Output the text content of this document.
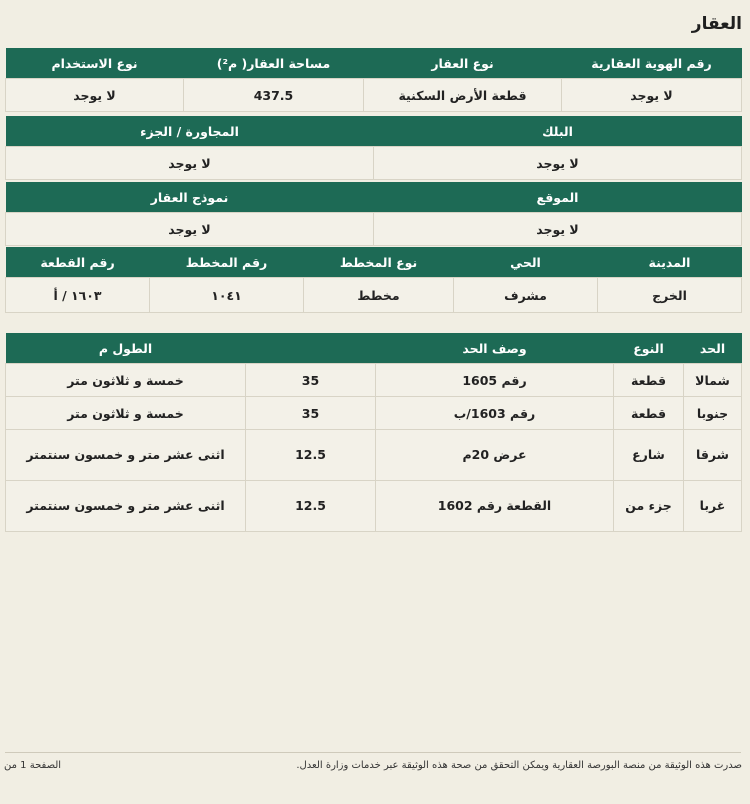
العقار
رقم الهوية العقارية	نوع العقار	مساحة العقار( م²)	نوع الاستخدام
لا يوجد	قطعة الأرض السكنية	437.5	لا يوجد
البلك	المجاورة / الجزء
لا يوجد	لا يوجد
الموقع	نموذج العقار
لا يوجد	لا يوجد
المدينة	الحي	نوع المخطط	رقم المخطط	رقم القطعة
الخرج	مشرف	مخطط	١٠٤١	١٦٠٣ / أ
الحد	النوع	وصف الحد		الطول م
شمالا	قطعة	رقم 1605	35	خمسة و ثلاثون متر
جنوبا	قطعة	رقم 1603/ب	35	خمسة و ثلاثون متر
شرقا	شارع	عرض 20م	12.5	اثنى عشر متر و خمسون سنتمتر
غربا	جزء من	القطعة رقم 1602	12.5	اثنى عشر متر و خمسون سنتمتر
صدرت هذه الوثيقة من منصة البورصة العقارية ويمكن التحقق من صحة هذه الوثيقة عبر خدمات وزارة العدل.
الصفحة 1 من
